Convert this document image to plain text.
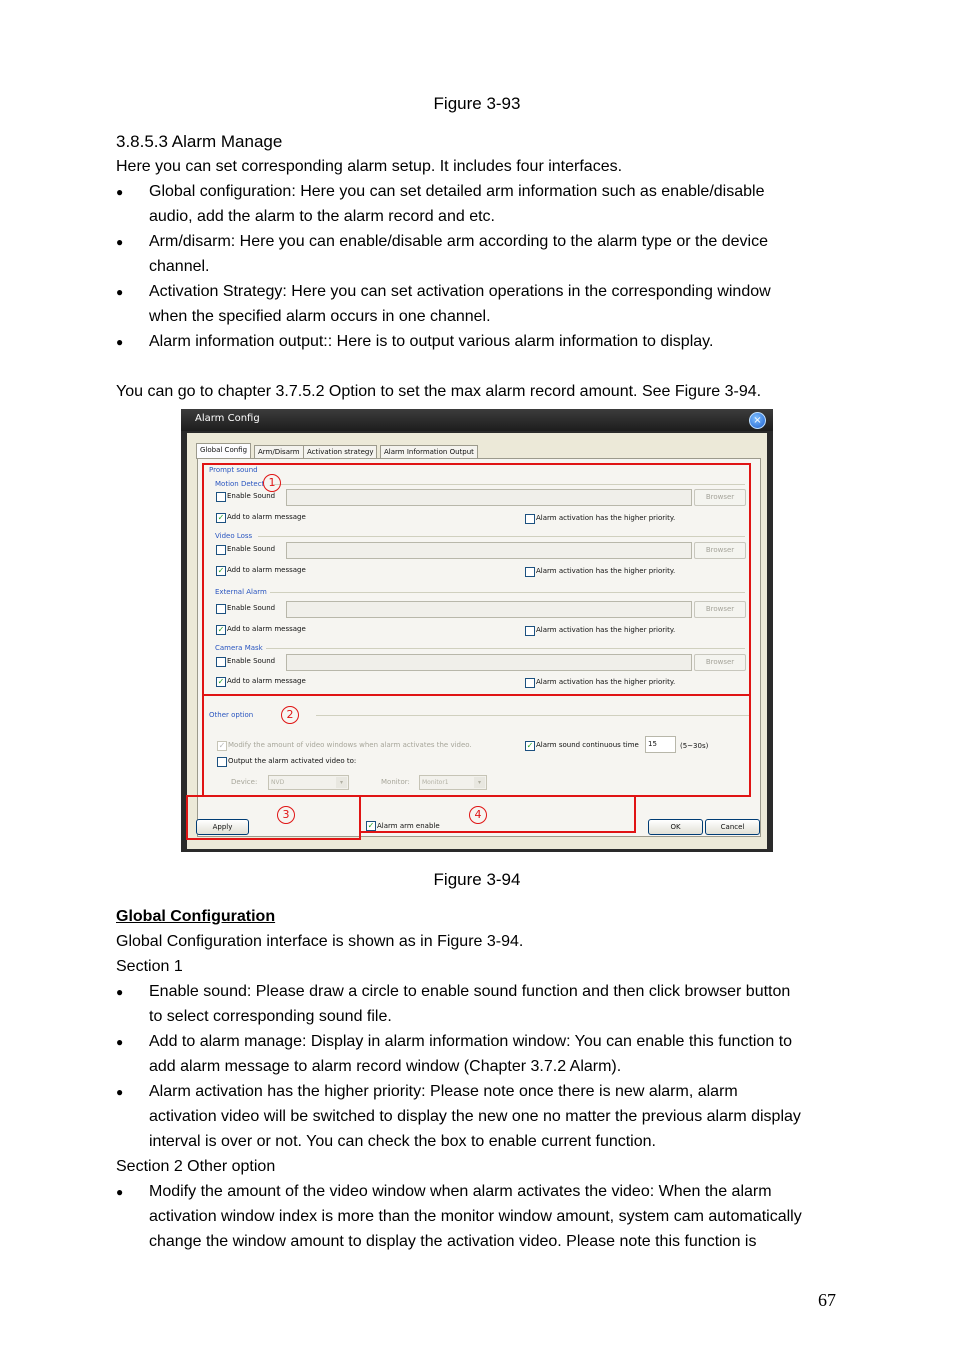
Figure 3-93
3.8.5.3 Alarm Manage
Here you can set corresponding alarm setup. It includes four interfaces.
● Global configuration: Here you can set detailed arm information such as enable/disable
audio, add the alarm to the alarm record and etc.
● Arm/disarm: Here you can enable/disable arm according to the alarm type or the device
channel.
● Activation Strategy: Here you can set activation operations in the corresponding window
when the specified alarm occurs in one channel.
● Alarm information output:: Here is to output various alarm information to display.
You can go to chapter 3.7.5.2 Option to set the max alarm record amount. See Figure 3-94.
Alarm Config	×
Global Config	Arm/Disarm	Activation strategy	Alarm Information Output
Prompt sound
Motion Detect
Enable Sound	Browser
✓ Add to alarm message	Alarm activation has the higher priority.
Video Loss
Enable Sound	Browser
✓ Add to alarm message	Alarm activation has the higher priority.
External Alarm
Enable Sound	Browser
✓ Add to alarm message	Alarm activation has the higher priority.
Camera Mask
Enable Sound	Browser
✓ Add to alarm message	Alarm activation has the higher priority.
Other option
✓ Modify the amount of video windows when alarm activates the video.	✓ Alarm sound continuous time	15	(5~30s)
Output the alarm activated video to:
Device:	NVD	▾	Monitor:	Monitor1	▾
Apply	✓ Alarm arm enable	OK	Cancel
1
2
3	4
Figure 3-94
Global Configuration
Global Configuration interface is shown as in Figure 3-94.
Section 1
● Enable sound: Please draw a circle to enable sound function and then click browser button
to select corresponding sound file.
● Add to alarm manage: Display in alarm information window: You can enable this function to
add alarm message to alarm record window (Chapter 3.7.2 Alarm).
● Alarm activation has the higher priority: Please note once there is new alarm, alarm
activation video will be switched to display the new one no matter the previous alarm display
interval is over or not. You can check the box to enable current function.
Section 2 Other option
● Modify the amount of the video window when alarm activates the video: When the alarm
activation window index is more than the monitor window amount, system cam automatically
change the window amount to display the activation video. Please note this function is
67
